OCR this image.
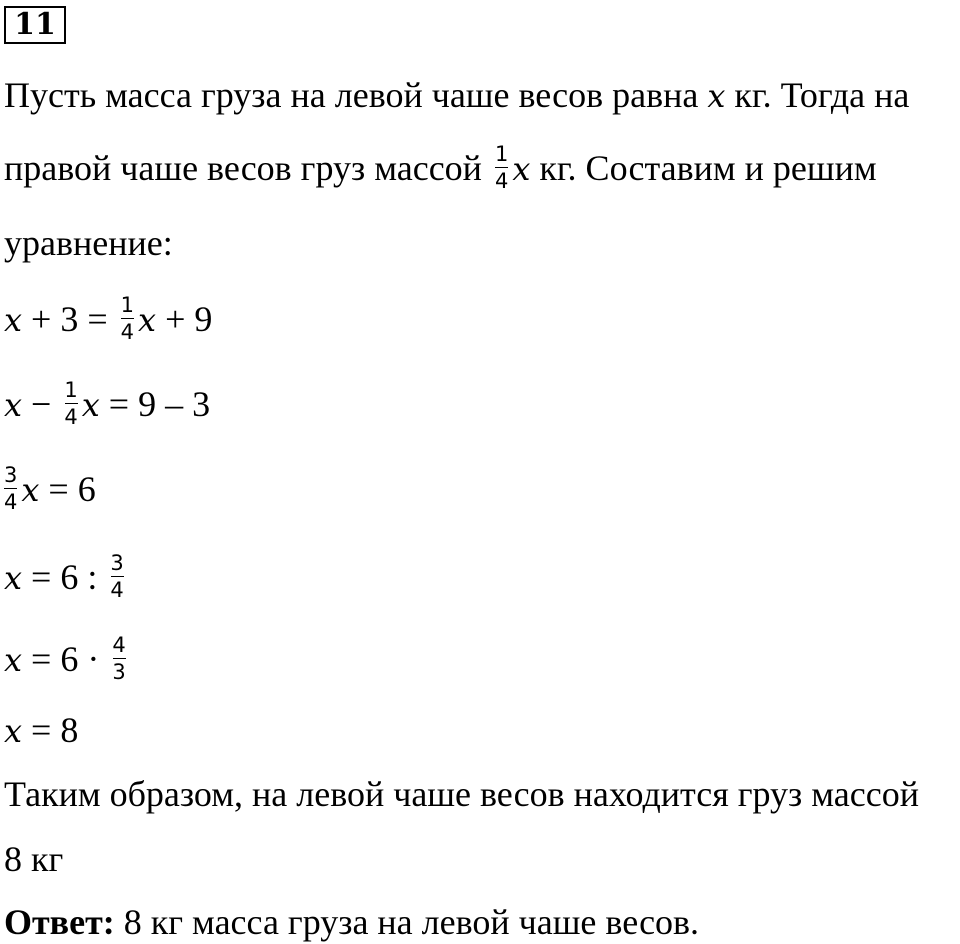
11
Пусть масса груза на левой чаше весов равна x кг. Тогда на
правой чаше весов груз массой $\frac{1}{4}$ x кг. Составим и решим
уравнение:
$x + 3 = \frac{1}{4}$ x + 9
$x - \frac{1}{4}$ x = 9 – 3
$\frac{3}{4}$ x = 6
x = 6 : $\frac{3}{4}$
$x = 6 \cdot \frac{4}{3}$
x = 8
Таким образом, на левой чаше весов находится груз массой
8 кг
Ответ: 8 кг масса груза на левой чаше весов.
